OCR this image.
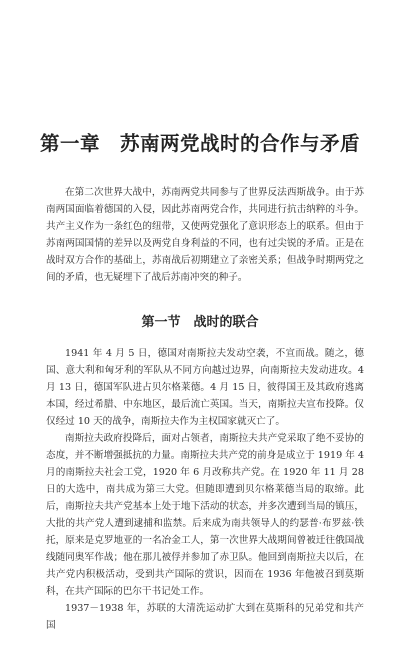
第一章　苏南两党战时的合作与矛盾

在第二次世界大战中，苏南两党共同参与了世界反法西斯战争。由于苏南两国面临着德国的入侵，因此苏南两党合作，共同进行抗击纳粹的斗争。共产主义作为一条红色的纽带，又使两党强化了意识形态上的联系。但由于苏南两国国情的差异以及两党自身利益的不同，也有过尖锐的矛盾。正是在战时双方合作的基础上，苏南战后初期建立了亲密关系；但战争时期两党之间的矛盾，也无疑埋下了战后苏南冲突的种子。

第一节　战时的联合

1941 年 4 月 5 日，德国对南斯拉夫发动空袭，不宣而战。随之，德国、意大利和匈牙利的军队从不同方向越过边界，向南斯拉夫发动进攻。4 月 13 日，德国军队进占贝尔格莱德。4 月 15 日，彼得国王及其政府逃离本国，经过希腊、中东地区，最后流亡英国。当天，南斯拉夫宣布投降。仅仅经过 10 天的战争，南斯拉夫作为主权国家就灭亡了。

南斯拉夫政府投降后，面对占领者，南斯拉夫共产党采取了绝不妥协的态度，并不断增强抵抗的力量。南斯拉夫共产党的前身是成立于 1919 年 4 月的南斯拉夫社会工党，1920 年 6 月改称共产党。在 1920 年 11 月 28 日的大选中，南共成为第三大党。但随即遭到贝尔格莱德当局的取缔。此后，南斯拉夫共产党基本上处于地下活动的状态，并多次遭到当局的镇压，大批的共产党人遭到逮捕和监禁。后来成为南共领导人的约瑟普·布罗兹·铁托，原来是克罗地亚的一名冶金工人，第一次世界大战期间曾被迁往俄国战线随同奥军作战；他在那儿被俘并参加了赤卫队。他回到南斯拉夫以后，在共产党内积极活动，受到共产国际的赏识，因而在 1936 年他被召到莫斯科，在共产国际的巴尔干书记处工作。

1937－1938 年，苏联的大清洗运动扩大到在莫斯科的兄弟党和共产国
